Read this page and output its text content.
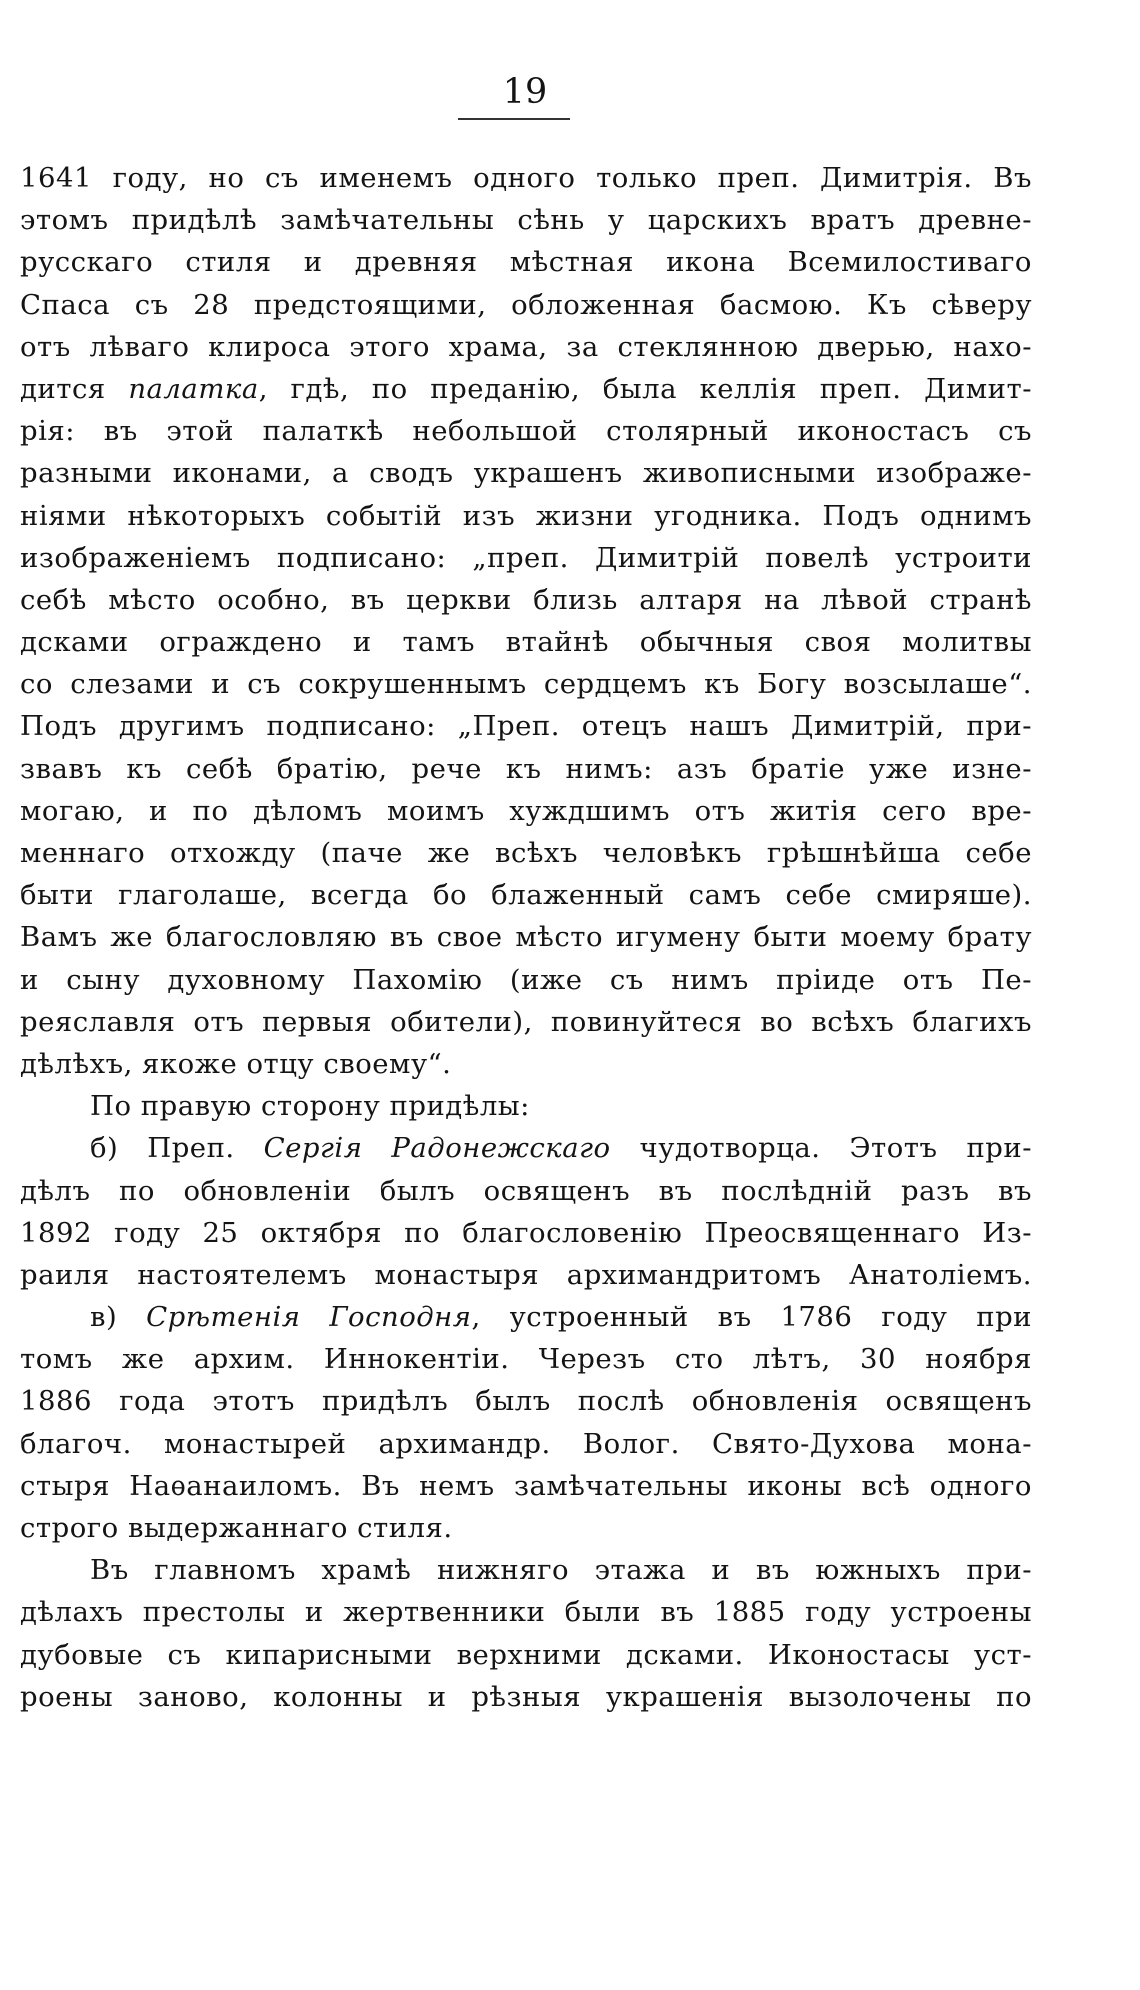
19
1641 году, но съ именемъ одного только преп. Димитрія. Въ
этомъ придѣлѣ замѣчательны сѣнь у царскихъ вратъ древне-
русскаго стиля и древняя мѣстная икона Всемилостиваго
Спаса съ 28 предстоящими, обложенная басмою. Къ сѣверу
отъ лѣваго клироса этого храма, за стеклянною дверью, нахо-
дится палатка, гдѣ, по преданію, была келлія преп. Димит-
рія: въ этой палаткѣ небольшой столярный иконостасъ съ
разными иконами, а сводъ украшенъ живописными изображе-
ніями нѣкоторыхъ событій изъ жизни угодника. Подъ однимъ
изображеніемъ подписано: „преп. Димитрій повелѣ устроити
себѣ мѣсто особно, въ церкви близь алтаря на лѣвой странѣ
дсками ограждено и тамъ втайнѣ обычныя своя молитвы
со слезами и съ сокрушеннымъ сердцемъ къ Богу возсылаше“.
Подъ другимъ подписано: „Преп. отецъ нашъ Димитрій, при-
звавъ къ себѣ братію, рече къ нимъ: азъ братіе уже изне-
могаю, и по дѣломъ моимъ хуждшимъ отъ житія сего вре-
меннаго отхожду (паче же всѣхъ человѣкъ грѣшнѣйша себе
быти глаголаше, всегда бо блаженный самъ себе смиряше).
Вамъ же благословляю въ свое мѣсто игумену быти моему брату
и сыну духовному Пахомію (иже съ нимъ пріиде отъ Пе-
реяславля отъ первыя обители), повинуйтеся во всѣхъ благихъ
дѣлѣхъ, якоже отцу своему“.
По правую сторону придѣлы:
б) Преп. Сергія Радонежскаго чудотворца. Этотъ при-
дѣлъ по обновленіи былъ освященъ въ послѣдній разъ въ
1892 году 25 октября по благословенію Преосвященнаго Из-
раиля настоятелемъ монастыря архимандритомъ Анатоліемъ.
в) Срѣтенія Господня, устроенный въ 1786 году при
томъ же архим. Иннокентіи. Черезъ сто лѣтъ, 30 ноября
1886 года этотъ придѣлъ былъ послѣ обновленія освященъ
благоч. монастырей архимандр. Волог. Свято-Духова мона-
стыря Наѳанаиломъ. Въ немъ замѣчательны иконы всѣ одного
строго выдержаннаго стиля.
Въ главномъ храмѣ нижняго этажа и въ южныхъ при-
дѣлахъ престолы и жертвенники были въ 1885 году устроены
дубовые съ кипарисными верхними дсками. Иконостасы уст-
роены заново, колонны и рѣзныя украшенія вызолочены по
